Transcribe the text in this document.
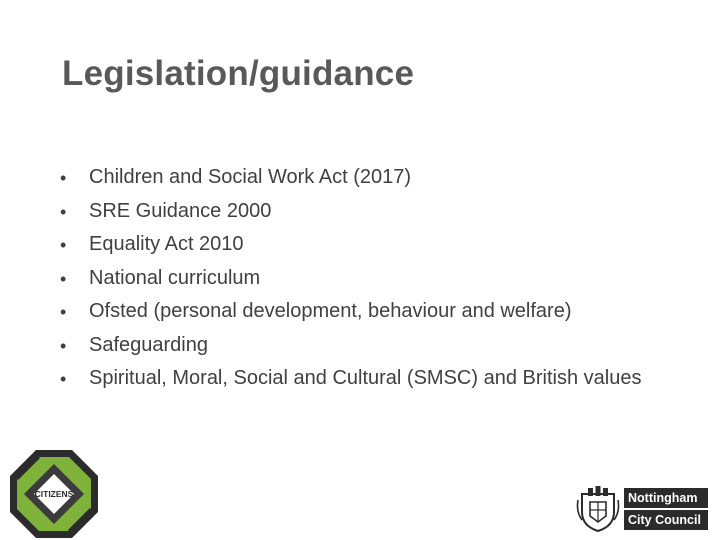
Legislation/guidance
•	Children and Social Work Act (2017)
•	SRE Guidance 2000
•	Equality Act 2010
•	National curriculum
•	Ofsted (personal development, behaviour and welfare)
•	Safeguarding
•	Spiritual, Moral, Social and Cultural (SMSC) and British values
CITIZENS	Nottingham
City Council
